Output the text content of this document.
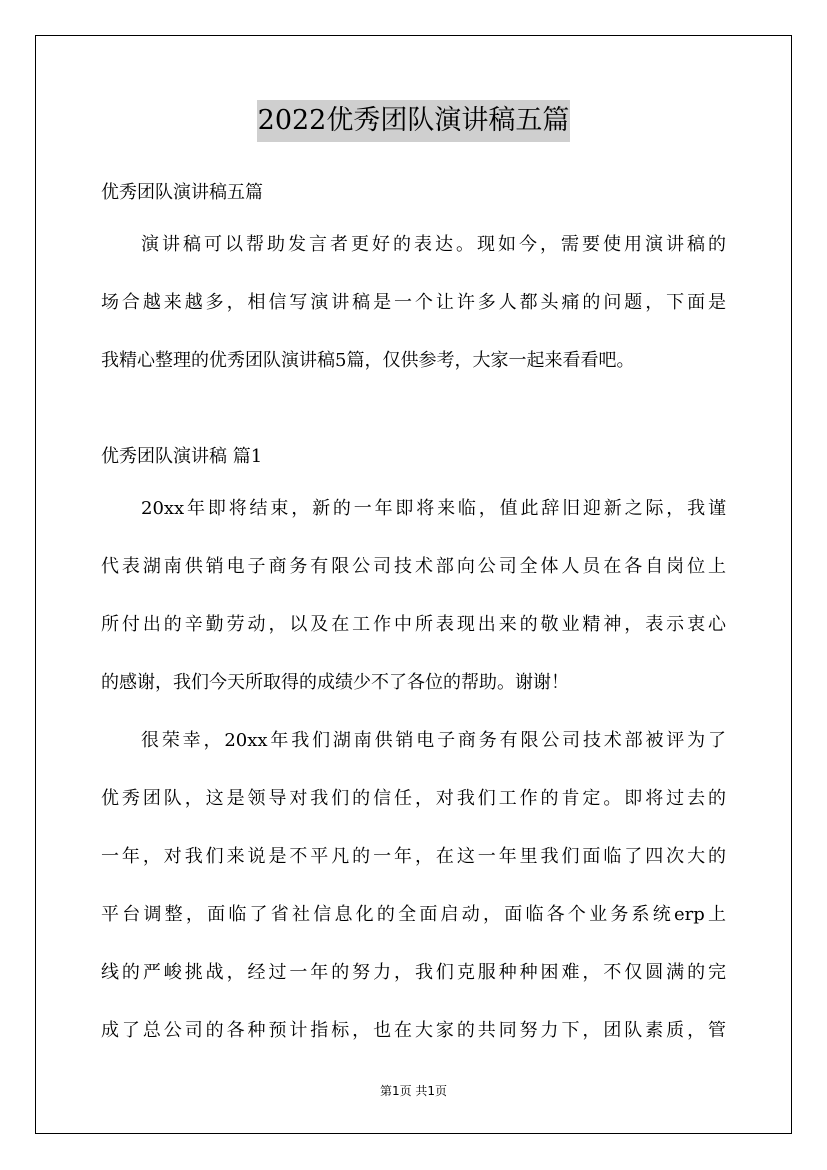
2022优秀团队演讲稿五篇
优秀团队演讲稿五篇
演讲稿可以帮助发言者更好的表达。现如今，需要使用演讲稿的
场合越来越多，相信写演讲稿是一个让许多人都头痛的问题，下面是
我精心整理的优秀团队演讲稿5篇，仅供参考，大家一起来看看吧。
优秀团队演讲稿 篇1
20xx年即将结束，新的一年即将来临，值此辞旧迎新之际，我谨
代表湖南供销电子商务有限公司技术部向公司全体人员在各自岗位上
所付出的辛勤劳动，以及在工作中所表现出来的敬业精神，表示衷心
的感谢，我们今天所取得的成绩少不了各位的帮助。谢谢！
很荣幸，20xx年我们湖南供销电子商务有限公司技术部被评为了
优秀团队，这是领导对我们的信任，对我们工作的肯定。即将过去的
一年，对我们来说是不平凡的一年，在这一年里我们面临了四次大的
平台调整，面临了省社信息化的全面启动，面临各个业务系统erp上
线的严峻挑战，经过一年的努力，我们克服种种困难，不仅圆满的完
成了总公司的各种预计指标，也在大家的共同努力下，团队素质，管
第1页 共1页
